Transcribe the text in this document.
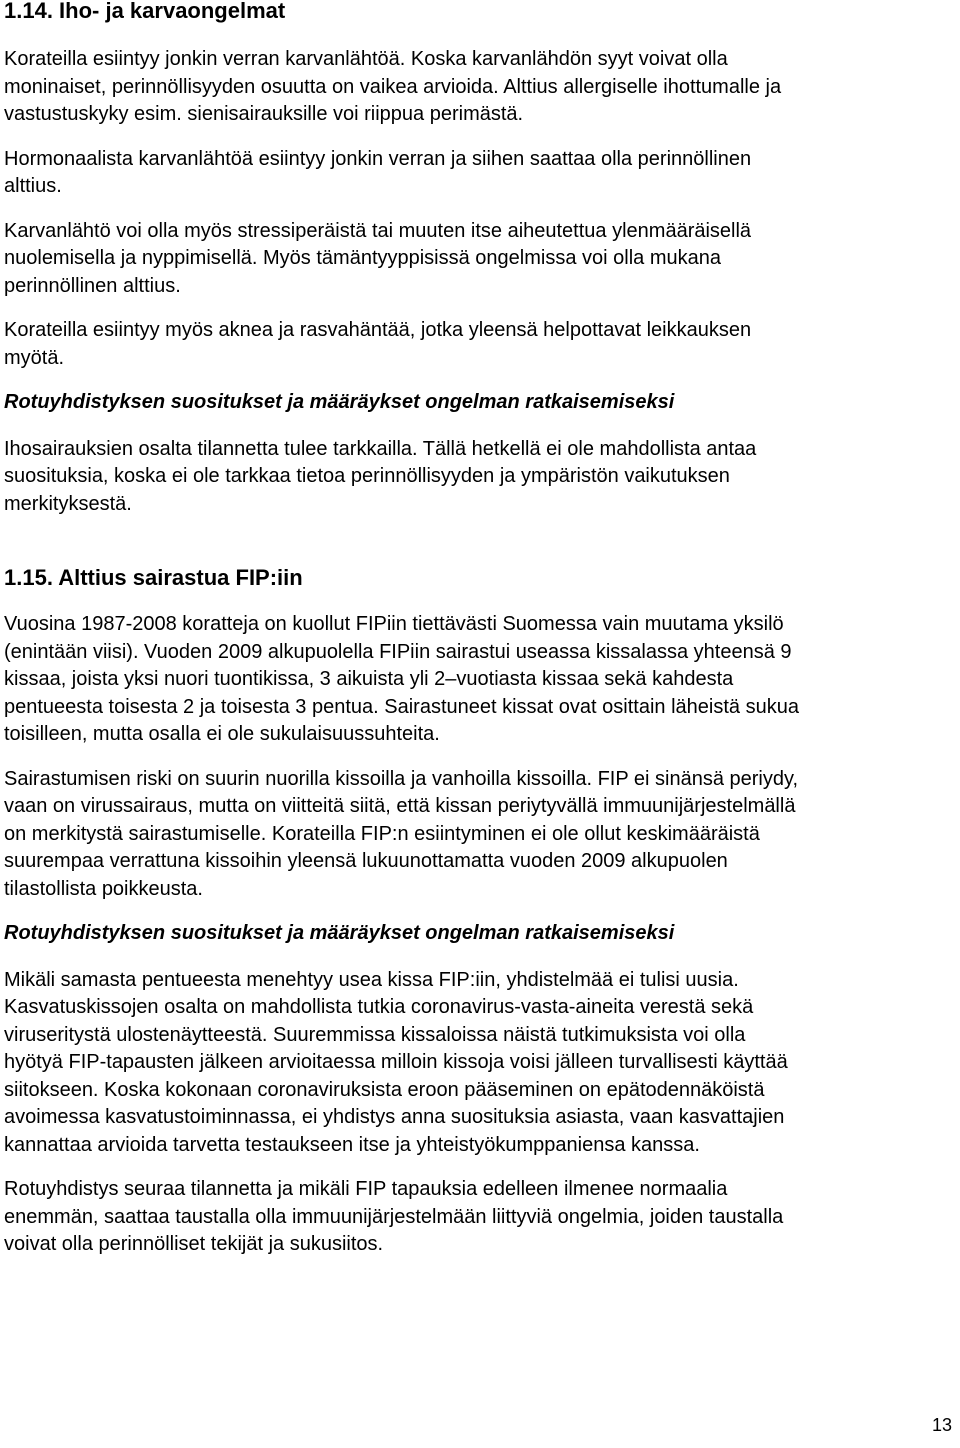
1.14. Iho- ja karvaongelmat

Korateilla esiintyy jonkin verran karvanlähtöä. Koska karvanlähdön syyt voivat olla
moninaiset, perinnöllisyyden osuutta on vaikea arvioida. Alttius allergiselle ihottumalle ja
vastustuskyky esim. sienisairauksille voi riippua perimästä.

Hormonaalista karvanlähtöä esiintyy jonkin verran ja siihen saattaa olla perinnöllinen
alttius.

Karvanlähtö voi olla myös stressiperäistä tai muuten itse aiheutettua ylenmääräisellä
nuolemisella ja nyppimisellä. Myös tämäntyyppisissä ongelmissa voi olla mukana
perinnöllinen alttius.

Korateilla esiintyy myös aknea ja rasvahäntää, jotka yleensä helpottavat leikkauksen
myötä.

Rotuyhdistyksen suositukset ja määräykset ongelman ratkaisemiseksi

Ihosairauksien osalta tilannetta tulee tarkkailla. Tällä hetkellä ei ole mahdollista antaa
suosituksia, koska ei ole tarkkaa tietoa perinnöllisyyden ja ympäristön vaikutuksen
merkityksestä.

1.15. Alttius sairastua FIP:iin

Vuosina 1987-2008 koratteja on kuollut FIPiin tiettävästi Suomessa vain muutama yksilö
(enintään viisi). Vuoden 2009 alkupuolella FIPiin sairastui useassa kissalassa yhteensä 9
kissaa, joista yksi nuori tuontikissa, 3 aikuista yli 2–vuotiasta kissaa sekä kahdesta
pentueesta toisesta 2 ja toisesta 3 pentua. Sairastuneet kissat ovat osittain läheistä sukua
toisilleen, mutta osalla ei ole sukulaisuussuhteita.

Sairastumisen riski on suurin nuorilla kissoilla ja vanhoilla kissoilla. FIP ei sinänsä periydy,
vaan on virussairaus, mutta on viitteitä siitä, että kissan periytyvällä immuunijärjestelmällä
on merkitystä sairastumiselle. Korateilla FIP:n esiintyminen ei ole ollut keskimääräistä
suurempaa verrattuna kissoihin yleensä lukuunottamatta vuoden 2009 alkupuolen
tilastollista poikkeusta.

Rotuyhdistyksen suositukset ja määräykset ongelman ratkaisemiseksi

Mikäli samasta pentueesta menehtyy usea kissa FIP:iin, yhdistelmää ei tulisi uusia.
Kasvatuskissojen osalta on mahdollista tutkia coronavirus-vasta-aineita verestä sekä
viruseritystä ulostenäytteestä. Suuremmissa kissaloissa näistä tutkimuksista voi olla
hyötyä FIP-tapausten jälkeen arvioitaessa milloin kissoja voisi jälleen turvallisesti käyttää
siitokseen. Koska kokonaan coronaviruksista eroon pääseminen on epätodennäköistä
avoimessa kasvatustoiminnassa, ei yhdistys anna suosituksia asiasta, vaan kasvattajien
kannattaa arvioida tarvetta testaukseen itse ja yhteistyökumppaniensa kanssa.

Rotuyhdistys seuraa tilannetta ja mikäli FIP tapauksia edelleen ilmenee normaalia
enemmän, saattaa taustalla olla immuunijärjestelmään liittyviä ongelmia, joiden taustalla
voivat olla perinnölliset tekijät ja sukusiitos.

13
